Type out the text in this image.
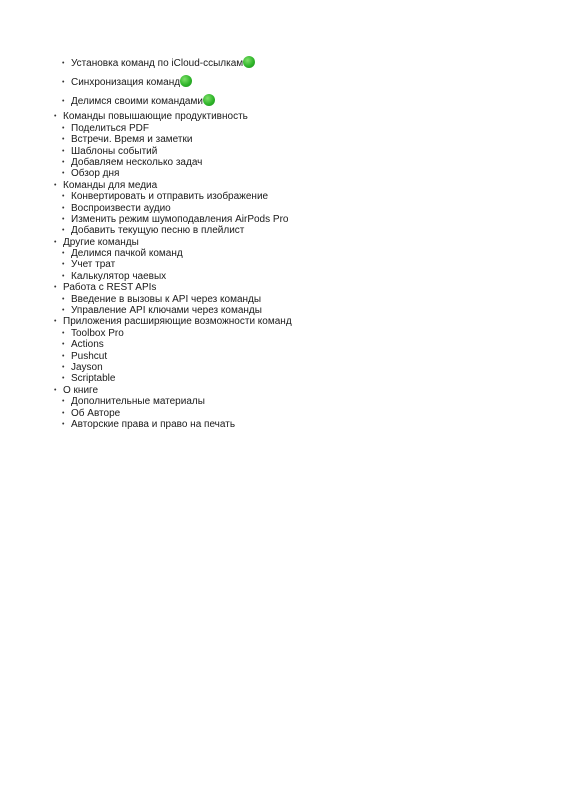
• Установка команд по iCloud-ссылкам
• Синхронизация команд
• Делимся своими командами
• Команды повышающие продуктивность
• Поделиться PDF
• Встречи. Время и заметки
• Шаблоны событий
• Добавляем несколько задач
• Обзор дня
• Команды для медиа
• Конвертировать и отправить изображение
• Воспроизвести аудио
• Изменить режим шумоподавления AirPods Pro
• Добавить текущую песню в плейлист
• Другие команды
• Делимся пачкой команд
• Учет трат
• Калькулятор чаевых
• Работа с REST APIs
• Введение в вызовы к API через команды
• Управление API ключами через команды
• Приложения расширяющие возможности команд
• Toolbox Pro
• Actions
• Pushcut
• Jayson
• Scriptable
• О книге
• Дополнительные материалы
• Об Авторе
• Авторские права и право на печать
